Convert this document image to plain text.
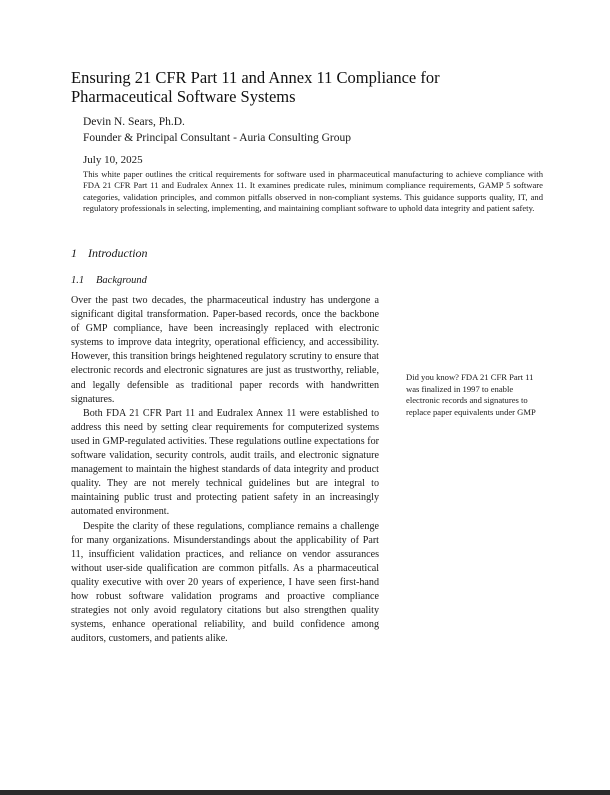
Ensuring 21 CFR Part 11 and Annex 11 Compliance for Pharmaceutical Software Systems
Devin N. Sears, Ph.D.
Founder & Principal Consultant - Auria Consulting Group
July 10, 2025
This white paper outlines the critical requirements for software used in pharmaceutical manufacturing to achieve compliance with FDA 21 CFR Part 11 and Eudralex Annex 11. It examines predicate rules, minimum compliance requirements, GAMP 5 software categories, validation principles, and common pitfalls observed in non-compliant systems. This guidance supports quality, IT, and regulatory professionals in selecting, implementing, and maintaining compliant software to uphold data integrity and patient safety.
1 Introduction
1.1 Background

Over the past two decades, the pharmaceutical industry has undergone a significant digital transformation. Paper-based records, once the backbone of GMP compliance, have been increasingly replaced with electronic systems to improve data integrity, operational efficiency, and accessibility. However, this transition brings heightened regulatory scrutiny to ensure that electronic records and electronic signatures are just as trustworthy, reliable, and legally defensible as traditional paper records with handwritten signatures.

Both FDA 21 CFR Part 11 and Eudralex Annex 11 were established to address this need by setting clear requirements for computerized systems used in GMP-regulated activities. These regulations outline expectations for software validation, security controls, audit trails, and electronic signature management to maintain the highest standards of data integrity and product quality. They are not merely technical guidelines but are integral to maintaining public trust and protecting patient safety in an increasingly automated environment.

Despite the clarity of these regulations, compliance remains a challenge for many organizations. Misunderstandings about the applicability of Part 11, insufficient validation practices, and reliance on vendor assurances without user-side qualification are common pitfalls. As a pharmaceutical quality executive with over 20 years of experience, I have seen first-hand how robust software validation programs and proactive compliance strategies not only avoid regulatory citations but also strengthen quality systems, enhance operational reliability, and build confidence among auditors, customers, and patients alike.

Did you know? FDA 21 CFR Part 11 was finalized in 1997 to enable electronic records and signatures to replace paper equivalents under GMP
